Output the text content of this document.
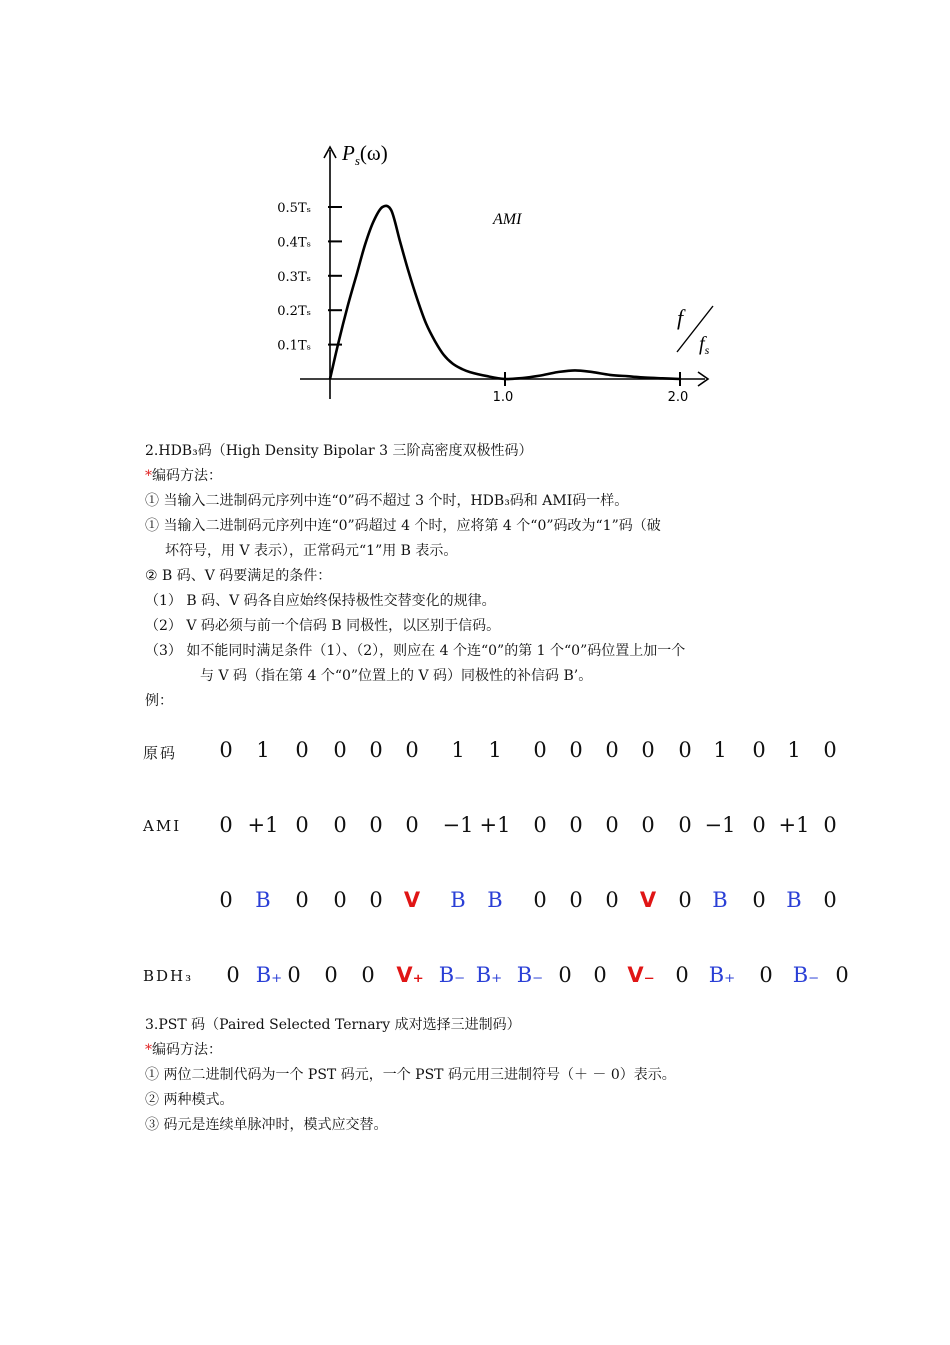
0.1Tₛ
0.2Tₛ
0.3Tₛ
0.4Tₛ
0.5Tₛ
1.0	2.0
$P_s(\omega)$
AMI
f
$f_s$
2.HDB₃码（High Density Bipolar 3 三阶高密度双极性码）
*编码方法：
① 当输入二进制码元序列中连“0”码不超过 3 个时，HDB₃码和 AMI码一样。
① 当输入二进制码元序列中连“0”码超过 4 个时，应将第 4 个“0”码改为“1”码（破
坏符号，用 V 表示），正常码元“1”用 B 表示。
② B 码、V 码要满足的条件：
（1） B 码、V 码各自应始终保持极性交替变化的规律。
（2） V 码必须与前一个信码 B 同极性，以区别于信码。
（3） 如不能同时满足条件（1）、（2），则应在 4 个连“0”的第 1 个“0”码位置上加一个
与 V 码（指在第 4 个“0”位置上的 V 码）同极性的补信码 B’。
例：
原码	0	1	0	0	0	0	1	1	0	0	0	0	0	1	0	1	0
AMI	0 +1 0	0	0	0	−1 +1	0	0	0	0	0 −1 0 +1 0
0	B	0	0	0	V	B	B	0	0	0	V	0 B	0 B	0
BDH₃	0 B₊ 0	0	0	V₊ B₋ B₊ B₋ 0	0 V₋ 0 B₊	0 B₋ 0
3.PST 码（Paired Selected Ternary 成对选择三进制码）
*编码方法：
① 两位二进制代码为一个 PST 码元，一个 PST 码元用三进制符号（＋ － 0）表示。
② 两种模式。
③ 码元是连续单脉冲时，模式应交替。
